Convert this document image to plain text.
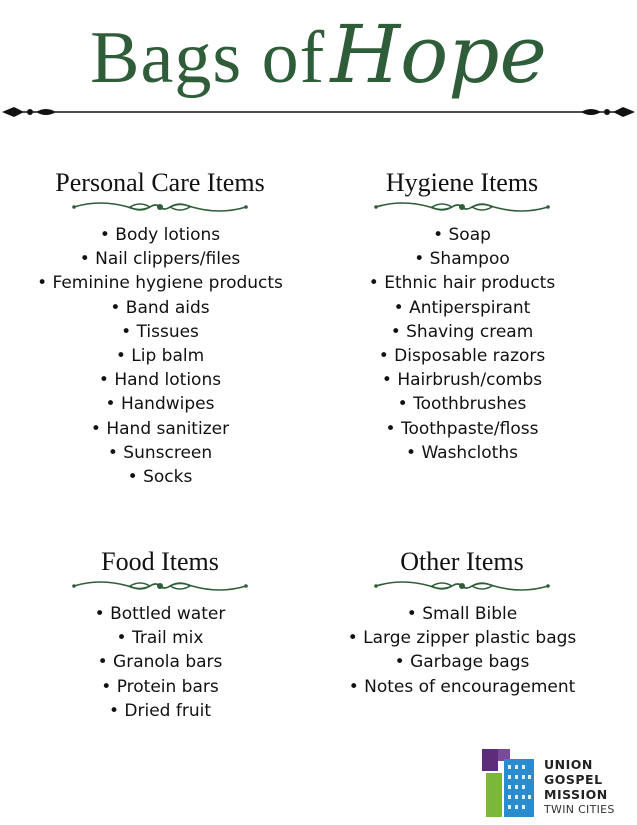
Bags of Hope
Personal Care Items
• Body lotions
• Nail clippers/files
• Feminine hygiene products
• Band aids
• Tissues
• Lip balm
• Hand lotions
• Handwipes
• Hand sanitizer
• Sunscreen
• Socks
Hygiene Items
• Soap
• Shampoo
• Ethnic hair products
• Antiperspirant
• Shaving cream
• Disposable razors
• Hairbrush/combs
• Toothbrushes
• Toothpaste/floss
• Washcloths
Food Items
• Bottled water
• Trail mix
• Granola bars
• Protein bars
• Dried fruit
Other Items
• Small Bible
• Large zipper plastic bags
• Garbage bags
• Notes of encouragement
UNION
GOSPEL
MISSION
TWIN CITIES
